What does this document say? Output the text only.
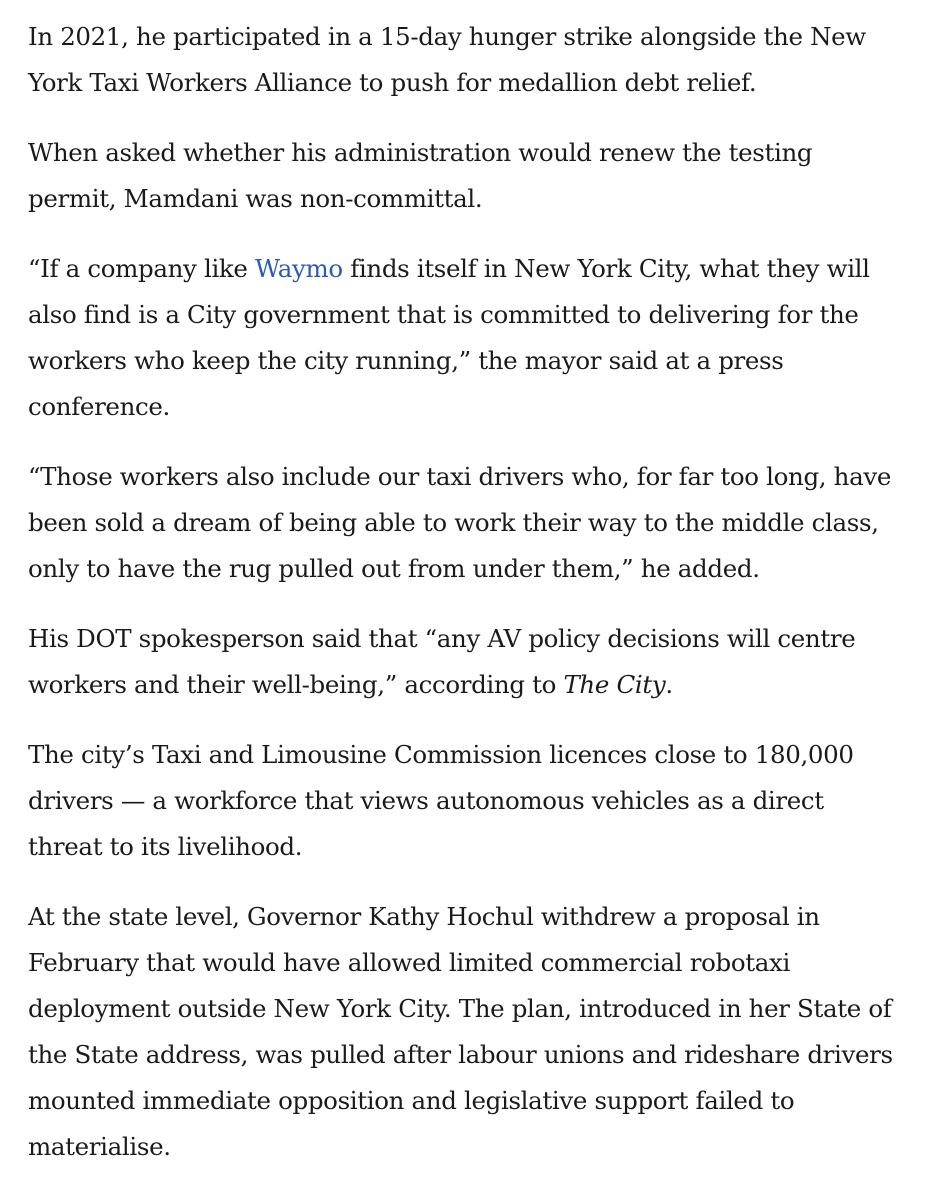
In 2021, he participated in a 15-day hunger strike alongside the New York Taxi Workers Alliance to push for medallion debt relief.

When asked whether his administration would renew the testing permit, Mamdani was non-committal.

“If a company like Waymo finds itself in New York City, what they will also find is a City government that is committed to delivering for the workers who keep the city running,” the mayor said at a press conference.

“Those workers also include our taxi drivers who, for far too long, have been sold a dream of being able to work their way to the middle class, only to have the rug pulled out from under them,” he added.

His DOT spokesperson said that “any AV policy decisions will centre workers and their well-being,” according to The City.

The city’s Taxi and Limousine Commission licences close to 180,000 drivers — a workforce that views autonomous vehicles as a direct threat to its livelihood.

At the state level, Governor Kathy Hochul withdrew a proposal in February that would have allowed limited commercial robotaxi deployment outside New York City. The plan, introduced in her State of the State address, was pulled after labour unions and rideshare drivers mounted immediate opposition and legislative support failed to materialise.
